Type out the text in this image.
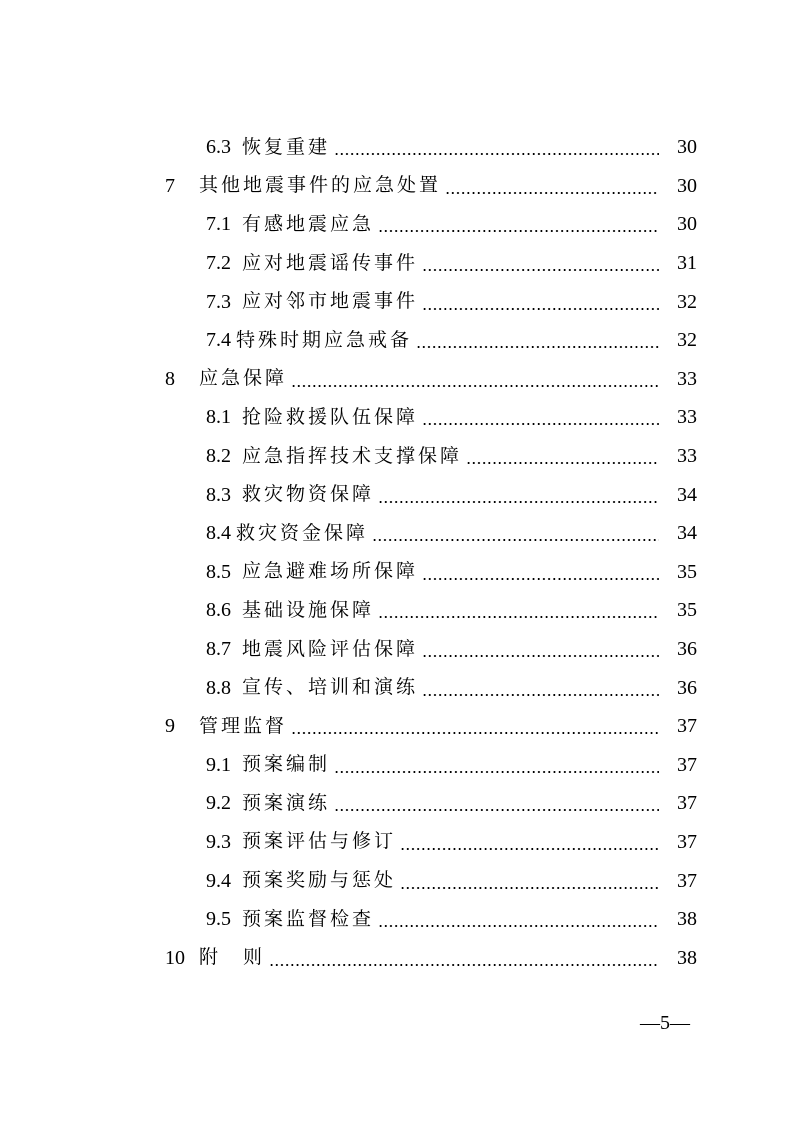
6.3 恢复重建	30
7	其他地震事件的应急处置	30
7.1 有感地震应急	30
7.2 应对地震谣传事件	31
7.3 应对邻市地震事件	32
7.4 特殊时期应急戒备	32
8	应急保障	33
8.1 抢险救援队伍保障	33
8.2 应急指挥技术支撑保障	33
8.3 救灾物资保障	34
8.4 救灾资金保障	34
8.5 应急避难场所保障	35
8.6 基础设施保障	35
8.7 地震风险评估保障	36
8.8 宣传、培训和演练	36
9	管理监督	37
9.1 预案编制	37
9.2 预案演练	37
9.3 预案评估与修订	37
9.4 预案奖励与惩处	37
9.5 预案监督检查	38
10 附　则	38
—5—
